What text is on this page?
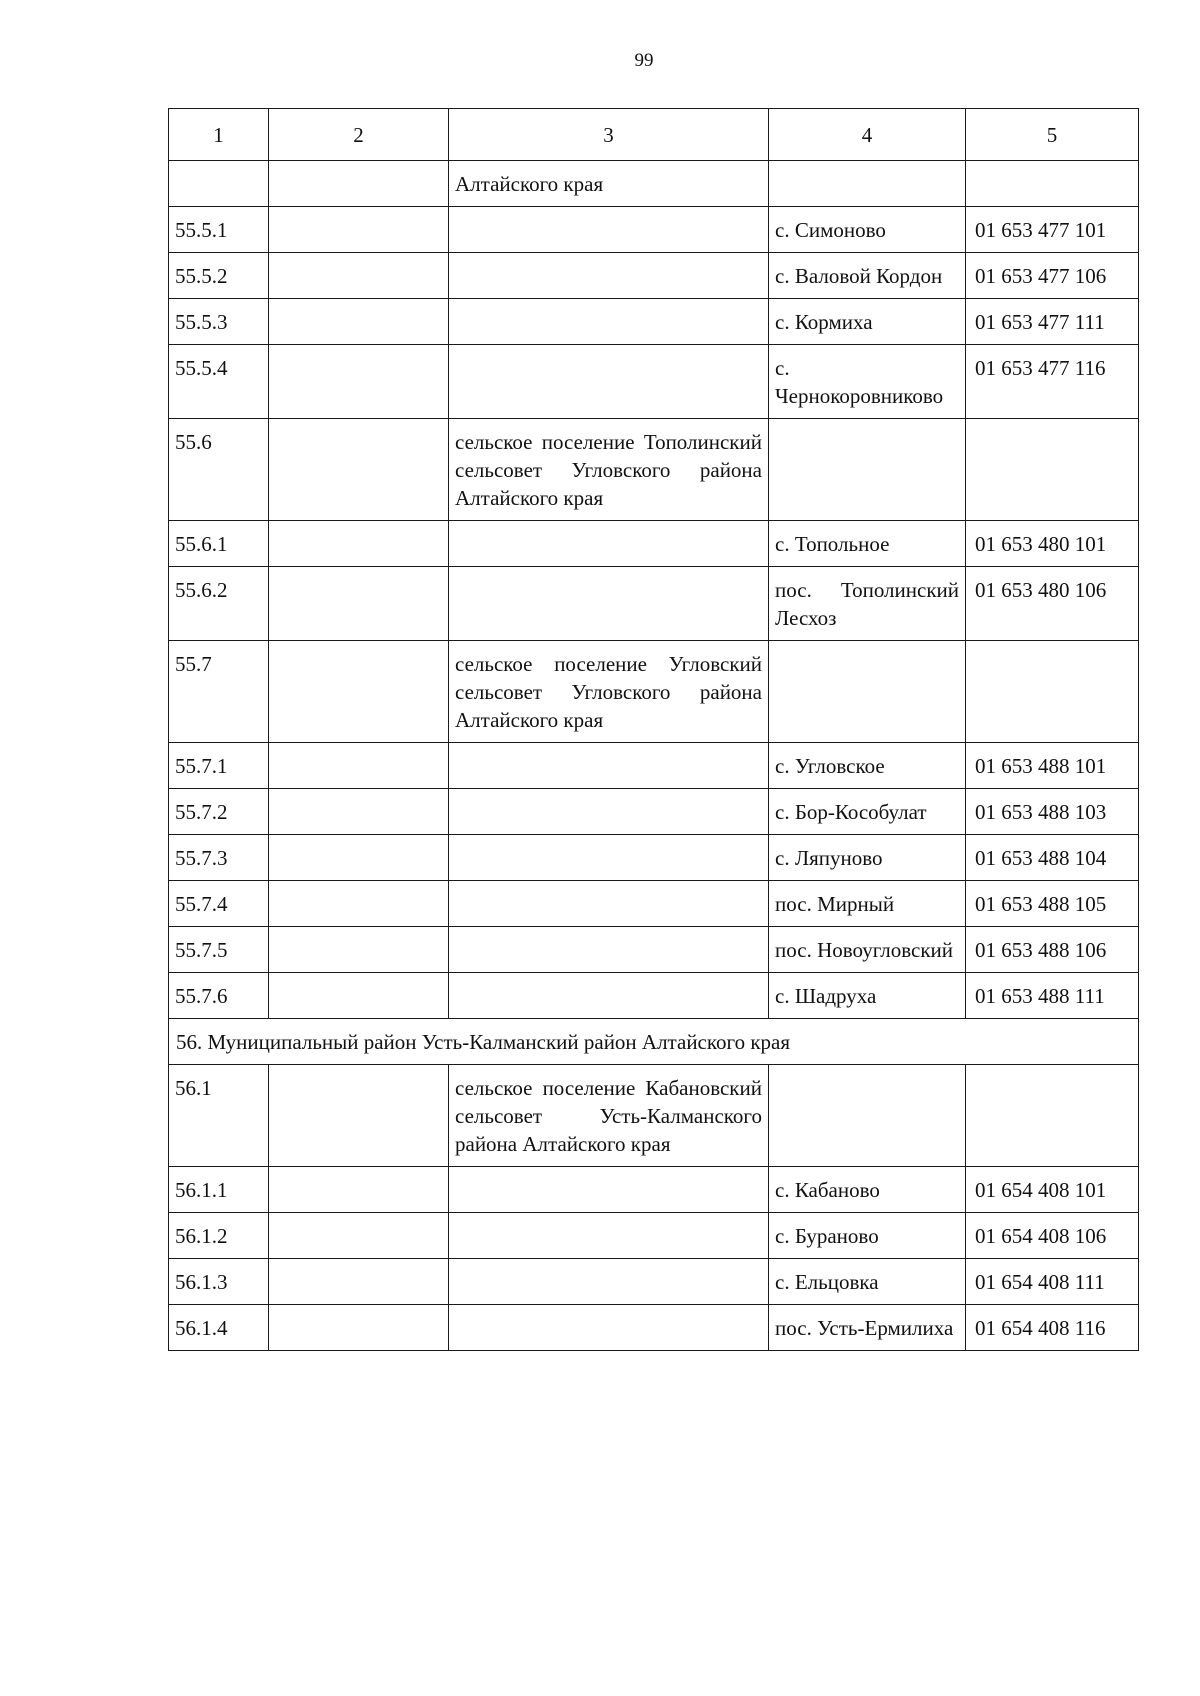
99
1	2	3	4	5
		Алтайского края		
55.5.1			с. Симоново	01 653 477 101
55.5.2			с. Валовой Кордон	01 653 477 106
55.5.3			с. Кормиха	01 653 477 111
55.5.4			с. Чернокоровниково	01 653 477 116
55.6		сельское поселение Тополинский сельсовет Угловского района Алтайского края		
55.6.1			с. Топольное	01 653 480 101
55.6.2			пос. Тополинский Лесхоз	01 653 480 106
55.7		сельское поселение Угловский сельсовет Угловского района Алтайского края		
55.7.1			с. Угловское	01 653 488 101
55.7.2			с. Бор-Кособулат	01 653 488 103
55.7.3			с. Ляпуново	01 653 488 104
55.7.4			пос. Мирный	01 653 488 105
55.7.5			пос. Новоугловский	01 653 488 106
55.7.6			с. Шадруха	01 653 488 111
56. Муниципальный район Усть-Калманский район Алтайского края				
56.1		сельское поселение Кабановский сельсовет Усть-Калманского района Алтайского края		
56.1.1			с. Кабаново	01 654 408 101
56.1.2			с. Бураново	01 654 408 106
56.1.3			с. Ельцовка	01 654 408 111
56.1.4			пос. Усть-Ермилиха	01 654 408 116
